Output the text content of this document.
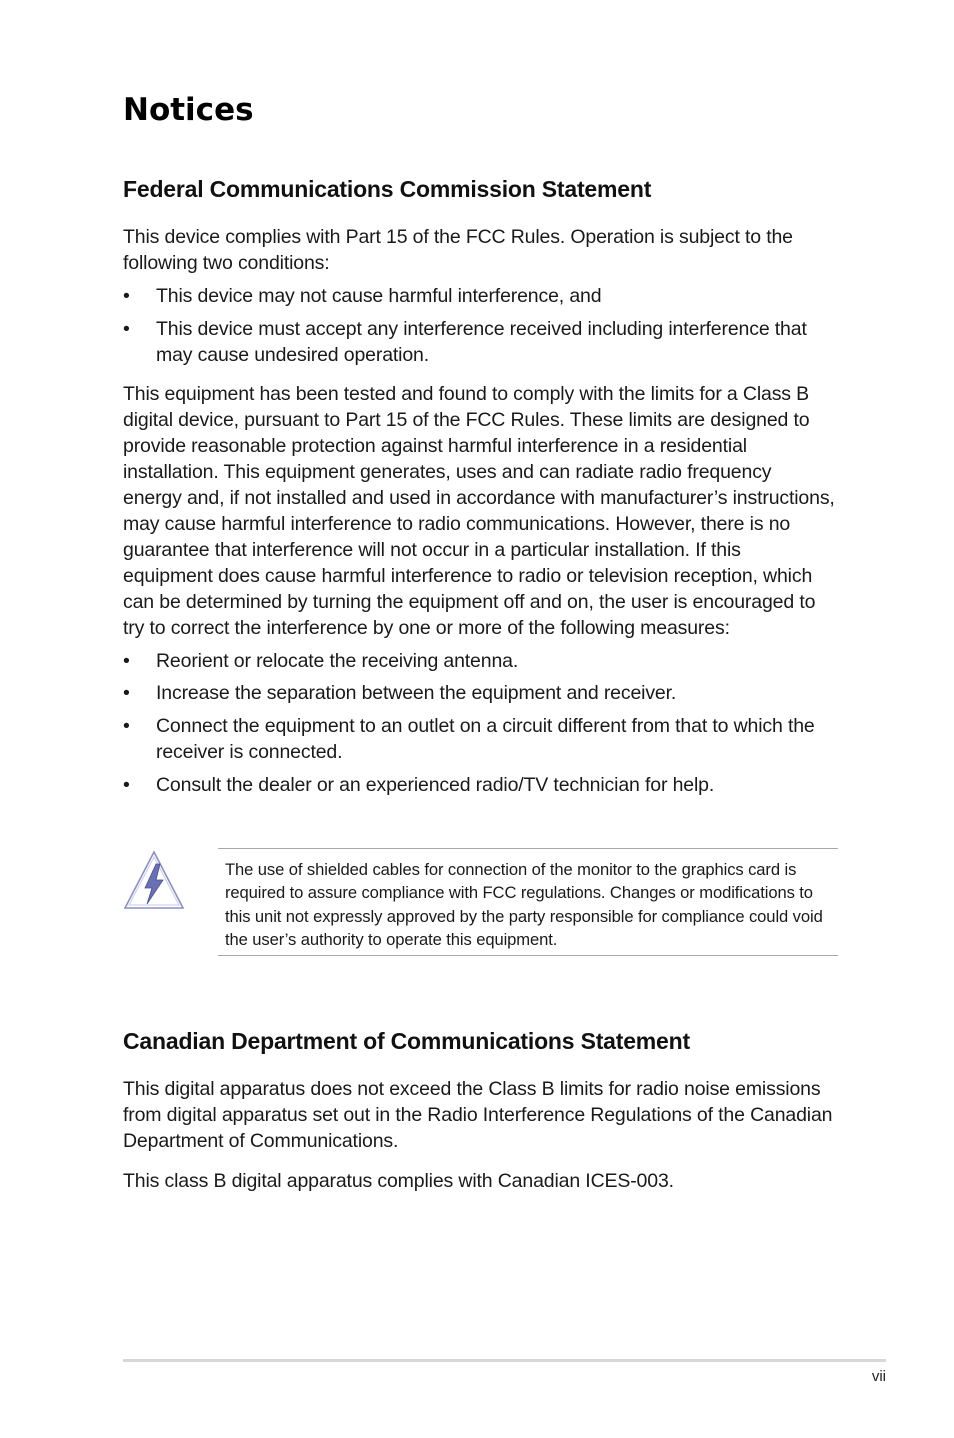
Notices
Federal Communications Commission Statement

This device complies with Part 15 of the FCC Rules. Operation is subject to the following two conditions:

• This device may not cause harmful interference, and
• This device must accept any interference received including interference that may cause undesired operation.

This equipment has been tested and found to comply with the limits for a Class B digital device, pursuant to Part 15 of the FCC Rules. These limits are designed to provide reasonable protection against harmful interference in a residential installation. This equipment generates, uses and can radiate radio frequency energy and, if not installed and used in accordance with manufacturer’s instructions, may cause harmful interference to radio communications. However, there is no guarantee that interference will not occur in a particular installation. If this equipment does cause harmful interference to radio or television reception, which can be determined by turning the equipment off and on, the user is encouraged to try to correct the interference by one or more of the following measures:

• Reorient or relocate the receiving antenna.
• Increase the separation between the equipment and receiver.
• Connect the equipment to an outlet on a circuit different from that to which the receiver is connected.
• Consult the dealer or an experienced radio/TV technician for help.
The use of shielded cables for connection of the monitor to the graphics card is required to assure compliance with FCC regulations. Changes or modifications to this unit not expressly approved by the party responsible for compliance could void the user’s authority to operate this equipment.
Canadian Department of Communications Statement

This digital apparatus does not exceed the Class B limits for radio noise emissions from digital apparatus set out in the Radio Interference Regulations of the Canadian Department of Communications.

This class B digital apparatus complies with Canadian ICES-003.

vii
